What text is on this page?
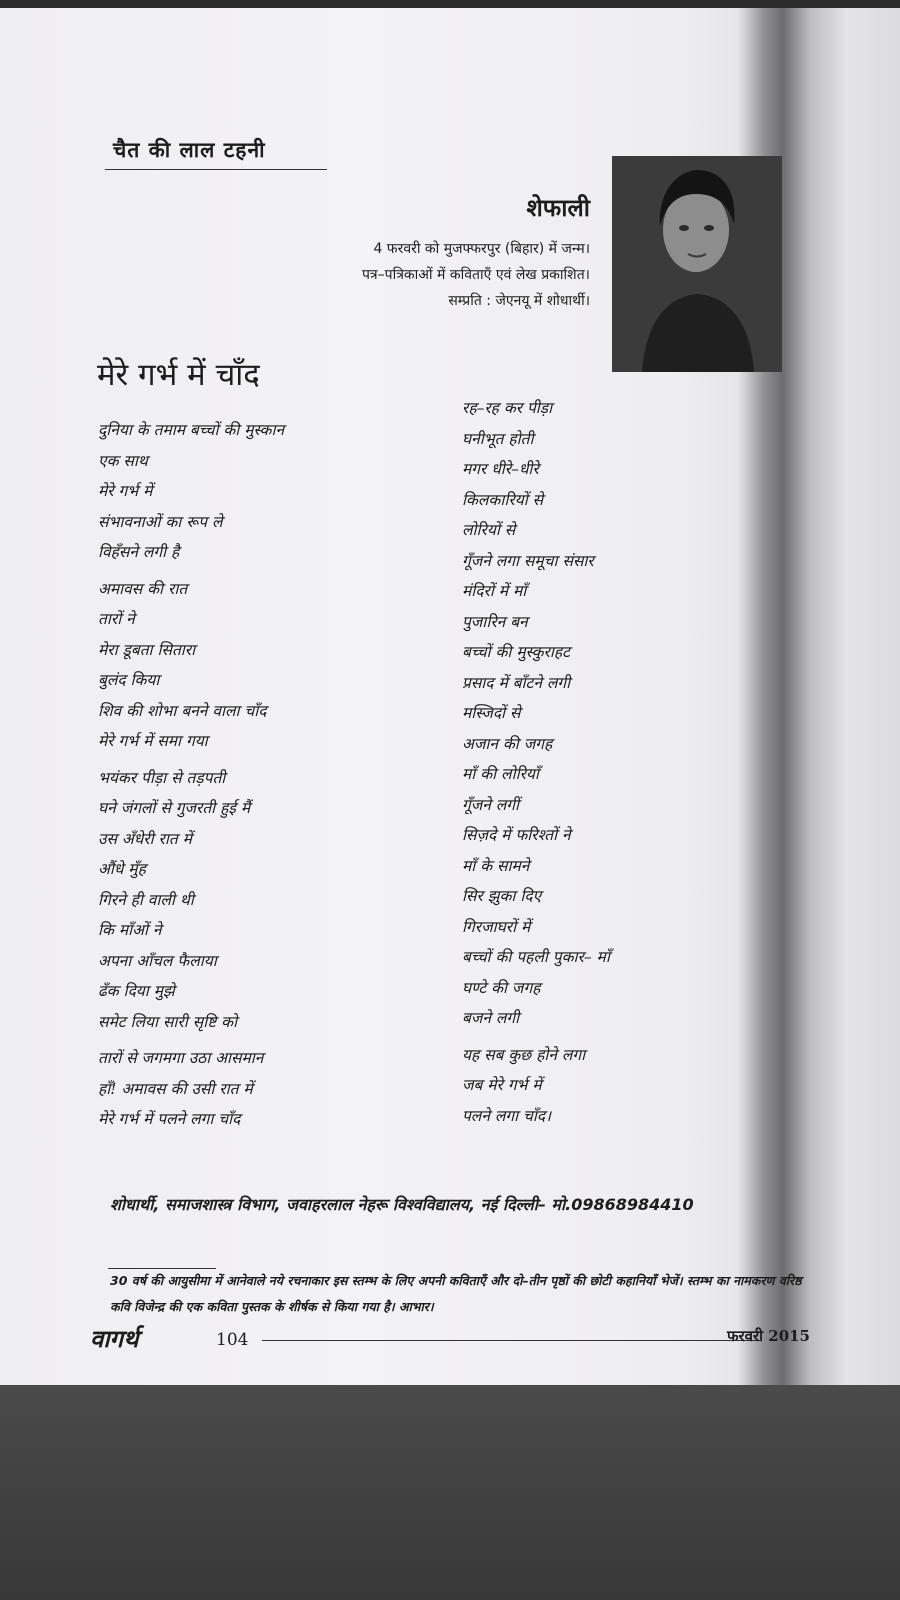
चैत की लाल टहनी
शेफाली
4 फरवरी को मुजफ्फरपुर (बिहार) में जन्म।
पत्र–पत्रिकाओं में कविताएँ एवं लेख प्रकाशित।
सम्प्रति : जेएनयू में शोधार्थी।
मेरे गर्भ में चाँद
दुनिया के तमाम बच्चों की मुस्कान
एक साथ
मेरे गर्भ में
संभावनाओं का रूप ले
विहँसने लगी है
अमावस की रात
तारों ने
मेरा डूबता सितारा
बुलंद किया
शिव की शोभा बनने वाला चाँद
मेरे गर्भ में समा गया
भयंकर पीड़ा से तड़पती
घने जंगलों से गुजरती हुई मैं
उस अँधेरी रात में
औंधे मुँह
गिरने ही वाली थी
कि माँओं ने
अपना आँचल फैलाया
ढँक दिया मुझे
समेट लिया सारी सृष्टि को
तारों से जगमगा उठा आसमान
हाँ! अमावस की उसी रात में
मेरे गर्भ में पलने लगा चाँद
रह–रह कर पीड़ा
घनीभूत होती
मगर धीरे–धीरे
किलकारियों से
लोरियों से
गूँजने लगा समूचा संसार
मंदिरों में माँ
पुजारिन बन
बच्चों की मुस्कुराहट
प्रसाद में बाँटने लगी
मस्जिदों से
अजान की जगह
माँ की लोरियाँ
गूँजने लगीं
सिज़दे में फरिश्तों ने
माँ के सामने
सिर झुका दिए
गिरजाघरों में
बच्चों की पहली पुकार– माँ
घण्टे की जगह
बजने लगी
यह सब कुछ होने लगा
जब मेरे गर्भ में
पलने लगा चाँद।
शोधार्थी, समाजशास्त्र विभाग, जवाहरलाल नेहरू विश्वविद्यालय, नई दिल्ली– मो.09868984410
30 वर्ष की आयुसीमा में आनेवाले नये रचनाकार इस स्तम्भ के लिए अपनी कविताएँ और दो–तीन पृष्ठों की छोटी कहानियाँ भेजें। स्तम्भ का नामकरण वरिष्ठ कवि विजेन्द्र की एक कविता पुस्तक के शीर्षक से किया गया है। आभार।
वागर्थ	104	फरवरी 2015
